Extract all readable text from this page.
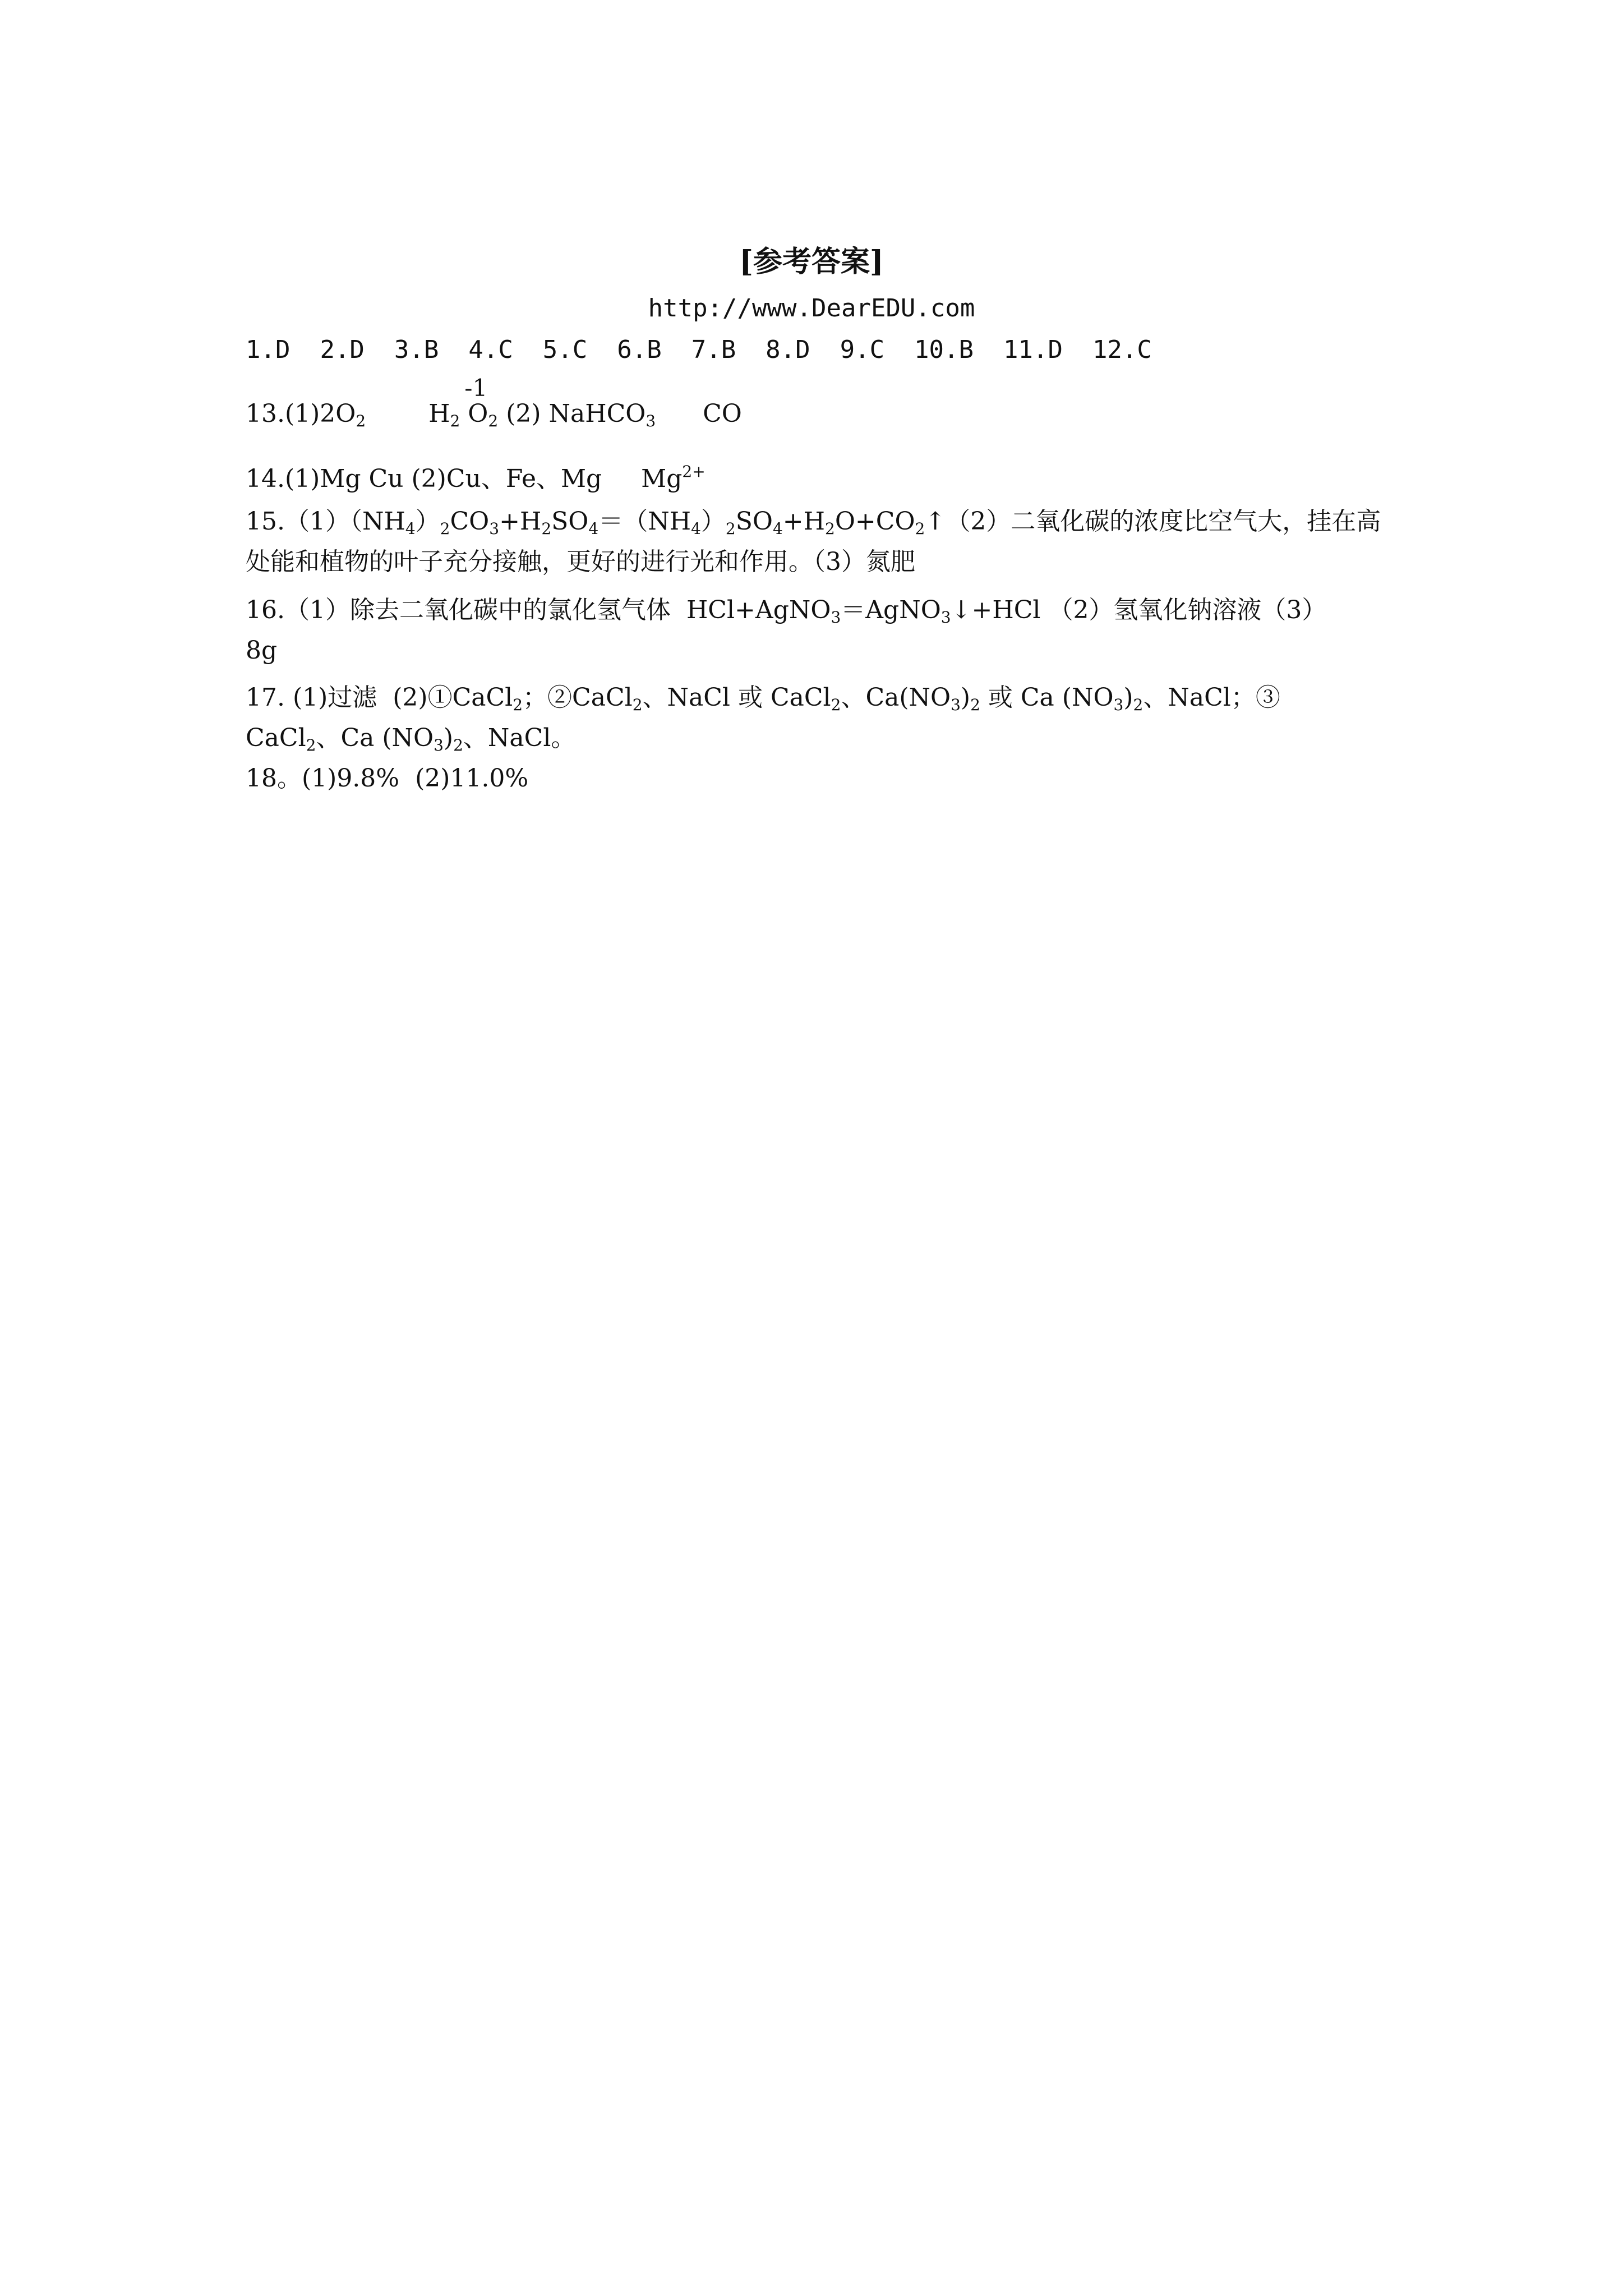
[参考答案]
http://www.DearEDU.com
1.D  2.D  3.B  4.C  5.C  6.B  7.B  8.D  9.C  10.B  11.D  12.C
$13.(1)2O_2$	$H_2$
-1
$O_2$ (2) NaHCO$_3$ CO
14.(1)Mg Cu (2)Cu、Fe、Mg $Mg^{2+}$
$15.(1)(NH_4)_2CO_3+H_2SO_4=(NH_4)_2SO_4+H_2O+CO_2↑(2)$二氧化碳的浓度比空气大，挂在高
处能和植物的叶子充分接触，更好的进行光和作用。（3）氮肥
16.（1）除去二氧化碳中的氯化氢气体  HCl+AgNO$_3$＝AgNO$_3$↓+HCl （2）氢氧化钠溶液（3）
8g
17. (1)过滤  (2)①CaCl$_2$；②CaCl$_2$、NaCl 或 CaCl$_2$、$Ca(NO_3)_2$ 或 Ca $(NO_3)_2$、NaCl；③
CaCl$_2$、Ca $(NO_3)_2$、NaCl。
18。(1)9.8%  (2)11.0%
